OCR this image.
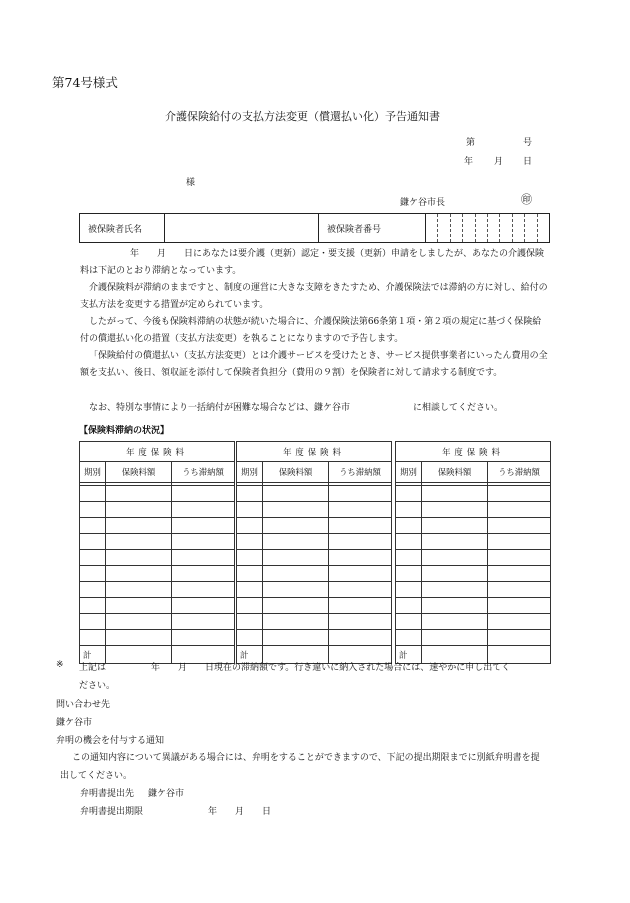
第74号様式
介護保険給付の支払方法変更（償還払い化）予告通知書
第	号
年 月 日
様
鎌ケ谷市長	㊞
被保険者氏名		被保険者番号										
年　　月　　日にあなたは要介護（更新）認定・要支援（更新）申請をしましたが、あなたの介護保険料は下記のとおり滞納となっています。
介護保険料が滞納のままですと、制度の運営に大きな支障をきたすため、介護保険法では滞納の方に対し、給付の支払方法を変更する措置が定められています。
したがって、今後も保険料滞納の状態が続いた場合に、介護保険法第66条第１項・第２項の規定に基づく保険給付の償還払い化の措置（支払方法変更）を執ることになりますので予告します。
「保険給付の償還払い（支払方法変更）とは介護サービスを受けたとき、サービス提供事業者にいったん費用の全額を支払い、後日、領収証を添付して保険者負担分（費用の９割）を保険者に対して請求する制度です。
なお、特別な事情により一括納付が困難な場合などは、鎌ケ谷市　　　　　　　に相談してください。
【保険料滞納の状況】
年度保険料		
期別	保険料額	うち滞納額

計		
年度保険料		
期別	保険料額	うち滞納額

計		
年度保険料		
期別	保険料額	うち滞納額

計		
※ 上記は　　　　　年　　月　　日現在の滞納額です。行き違いに納入された場合には、速やかに申し出てく
ださい。
問い合わせ先
鎌ケ谷市
弁明の機会を付与する通知
この通知内容について異議がある場合には、弁明をすることができますので、下記の提出期限までに別紙弁明書を提出してください。
弁明書提出先 鎌ケ谷市
弁明書提出期限	年　　月　　日
